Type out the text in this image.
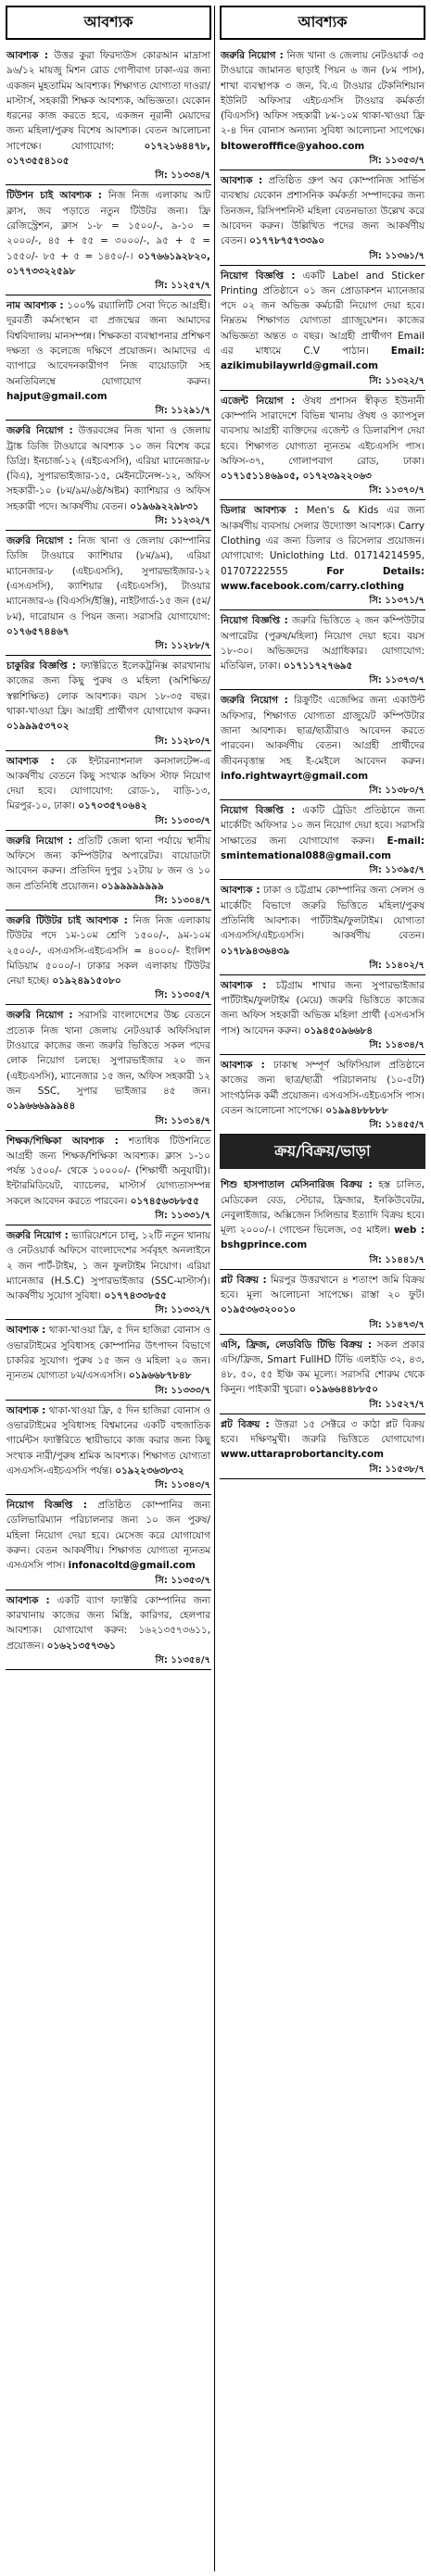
আবশ্যক
আবশ্যক : উত্তর কুরা ফিরদাউস কোরআন মাদ্রাসা ৯৬/১২ মায়জু মিশন রোড গোপীবাগ ঢাকা-এর জন্য একজন মুহতামিম আবশ্যক। শিক্ষাগত যোগ্যতা দাওরা/মাস্টার্স, সহকারী শিক্ষক আবশ্যক, অভিজ্ঞতা। যেকোন ধরনের কাজ করতে হবে, একজন নূরানী মেয়াদের জন্য মহিলা/পুরুষ বিশেষ আবশ্যক। বেতন আলোচনা সাপেক্ষে। যোগাযোগ:	০১৭২১৬৪৪৭৮, ০১৭৩৫৫৪১০৫
সি: ১১৩৩৪/৭
টিউশন চাই আবশ্যক : নিজ নিজ এলাকায় আট ক্লাস, জব পড়াতে নতুন টিউটর জন্য। ফ্রি রেজিস্ট্রেশন, ক্লাস ১-৮ = ১৫০০/-, ৯-১০ = ২০০০/-, ৪৫ + ৫৫ = ৩০০০/-, ৯৫ + ৫ = ১৫৫০/- ৮৫ + ৫ = ১৪৫০/-। ০১৭৬৬১৯২৮২০, ০১৭৭৩৩২২৫৯৮
সি: ১১২৫৭/৭
নাম আবশ্যক : ১০০% রয়্যালিটি সেবা দিতে আগ্রহী। দূরবর্তী কর্মসংস্থান বা প্রজন্মের জন্য আমাদের বিশ্ববিদ্যালয় মানসম্পন্ন। শিক্ষকতা ব্যবস্থাপনার প্রশিক্ষণ দক্ষতা ও কলেজে দক্ষিণে প্রয়োজন। আমাদের এ ব্যাপারে আবেদনকারীগণ নিজ বায়োডাটা সহ অনতিবিলম্বে যোগাযোগ করুন। hajput@gmail.com
সি: ১১২৯১/৭
জরুরি নিয়োগ : উত্তরবঙ্গের নিজ খানা ও জেলায় ট্রাঙ্ক ডিজি টাওয়ারে আবশ্যক ১০ জন বিশেষ করে ডিগ্রি। ইনচার্জ-১২ (এইচএসসি), এরিয়া ম্যানেজার-৮ (বিএ), সুপারভাইজার-১৫, মেইনটেনেন্স-১২, অফিস সহকারী-১০ (৮ম/৯ম/৬ষ্ঠ/অষ্টম) ক্যাশিয়ার ও অফিস সহকারী পদে। আকর্ষণীয় বেতন। ০১৯৬৯২২৯৮৩১
সি: ১১২৩২/৭
জরুরি নিয়োগ : নিজ খানা ও জেলায় কোম্পানির ডিজি টাওয়ারে ক্যাশিয়ার (৮ম/৯ম), এরিয়া ম্যানেজার-৮ (এইচএসসি), সুপারভাইজার-১২ (এসএসসি), ক্যাশিয়ার (এইচএসসি), টাওয়ার ম্যানেজার-৬ (বিএসসি/ইঞ্জি), নাইটগার্ড-১৫ জন (৫ম/৮ম), দারোয়ান ও পিয়ন জন্য। সরাসরি যোগাযোগ: ০১৭৬৫৭৪৪৬৭
সি: ১১২৮৮/৭
চাকুরির বিজ্ঞপ্তি : ফ্যাক্টরিতে ইলেকট্রনিক্স কারখানায় কাজের জন্য কিছু পুরুষ ও মহিলা (অশিক্ষিত/স্বল্পশিক্ষিত) লোক আবশ্যক। বয়স ১৮-৩৫ বছর। থাকা-খাওয়া ফ্রি। আগ্রহী প্রার্থীগণ যোগাযোগ করুন। ০১৯৯৯৫৩৭০২
সি: ১১২৮০/৭
আবশ্যক : কে ইন্টারন্যাশনাল কনসালটেন্স-এ আকর্ষণীয় বেতনে কিছু সংখ্যক অফিস স্টাফ নিয়োগ দেয়া হবে। যোগাযোগ: রোড-১, বাড়ি-১৩, মিরপুর-১০, ঢাকা। ০১৭০৩৫৭০৬৪২
সি: ১১৩০৩/৭
জরুরি নিয়োগ : প্রতিটি জেলা থানা পর্যায়ে স্থানীয় অফিসে জন্য কম্পিউটার অপারেটর। বায়োডাটা আবেদন করুন। প্রতিদিন দুপুর ১২টায় ৮ জন ও ১০ জন প্রতিনিধি প্রয়োজন। ০১৯৯৯৯৯৯৯৯
সি: ১১৩০৪/৭
জরুরি টিউটর চাই আবশ্যক : নিজ নিজ এলাকায় টিউটর পদে ১ম-১০ম শ্রেণি ১৫০০/-, ৯ম-১০ম ২৫০০/-, এসএসসি-এইচএসসি = ৪০০০/- ইংলিশ মিডিয়াম ৫০০০/-। ঢাকার সকল এলাকায় টিউটর নেয়া হচ্ছে। ০১৯২৪৯১৫০৮০
সি: ১১৩০৫/৭
জরুরি নিয়োগ : সরাসরি বাংলাদেশের উচ্চ বেতনে প্রত্যেক নিজ খানা জেলায় নেটওয়ার্ক অফিসিয়াল টাওয়ারে কাজের জন্য জরুরি ভিত্তিতে সকল পদের লোক নিয়োগ চলছে। সুপারভাইজার ২০ জন (এইচএসসি), ম্যানেজার ১৫ জন, অফিস সহকারী ১২ জন SSC, সুপার ভাইজার ৪৫ জন। ০১৯৬৬৬৯৯৯৪৪
সি: ১১৩১৪/৭
শিক্ষক/শিক্ষিকা আবশ্যক : শতাধিক টিউশনিতে আগ্রহী জন্য শিক্ষক/শিক্ষিকা আবশ্যক। ক্লাস ১-১০ পর্যন্ত ১৫০০/- থেকে ১০০০০/- (শিক্ষার্থী অনুযায়ী)। ইন্টারমিডিয়েট, ব্যাচেলর, মাস্টার্স যোগ্যতাসম্পন্ন সকলে আবেদন করতে পারবেন। ০১৭৪৫৬৩৮৮৫৫
সি: ১১৩৩১/৭
জরুরি নিয়োগ : ভ্যারিয়েশনে চালু, ১২টি নতুন খানায় ও নেটওয়ার্ক অফিসে বাংলাদেশের সর্ববৃহৎ অনলাইনে ২ জন পার্ট-টাইম, ১ জন ফুলটাইম নিয়োগ। এরিয়া ম্যানেজার (H.S.C) সুপারভাইজার (SSC-মাস্টার্স)। আকর্ষণীয় সুযোগ সুবিধা। ০১৭৭৪৩৩৮৫৫
সি: ১১৩৩২/৭
আবশ্যক : থাকা-খাওয়া ফ্রি, ৫ দিন হাজিরা বোনাস ও ওভারটাইমের সুবিধাসহ কোম্পানির উৎপাদন বিভাগে চাকরির সুযোগ। পুরুষ ১৫ জন ও মহিলা ২০ জন। ন্যূনতম যোগ্যতা ৮ম/এসএসসি। ০১৯৬৬৮৭৮৪৮
সি: ১১৩৩৩/৭
আবশ্যক : থাকা-খাওয়া ফ্রি, ৫ দিন হাজিরা বোনাস ও ওভারটাইমের সুবিধাসহ বিশ্বমানের একটি বহুজাতিক গার্মেন্টস ফ্যাক্টরিতে স্থায়ীভাবে কাজ করার জন্য কিছু সংখ্যক নারী/পুরুষ শ্রমিক আবশ্যক। শিক্ষাগত যোগ্যতা এসএসসি-এইচএসসি পর্যন্ত। ০১৯২২৩৬৩৮৩২
সি: ১১৩৪৩/৭
নিয়োগ বিজ্ঞপ্তি : প্রতিষ্ঠিত কোম্পানির জন্য ডেলিভারিম্যান পরিচালনার জন্য ১০ জন পুরুষ/মহিলা নিয়োগ দেয়া হবে। মেসেজ করে যোগাযোগ করুন। বেতন আকর্ষণীয়। শিক্ষাগত যোগ্যতা ন্যূনতম এসএসসি পাস। infonacoltd@gmail.com
সি: ১১৩৫৩/৭
আবশ্যক : একটি ব্যাগ ফ্যাক্টরি কোম্পানির জন্য কারখানায় কাজের জন্য মিস্ত্রি, কারিগর, হেলপার আবশ্যক। যোগাযোগ করুন: ১৬২১৩৫৭৩৬১১, প্রয়োজন। ০১৬২১৩৫৭৩৬১
সি: ১১৩৫৪/৭
আবশ্যক
জরুরি নিয়োগ : নিজ খানা ও জেলায় নেটওয়ার্ক ৩৫ টাওয়ারে জামানত ছাড়াই পিয়ন ৬ জন (৮ম পাস), শাখা ব্যবস্থাপক ৩ জন, বি.এ টাওয়ার টেকনিশিয়ান ইউনিট অফিসার এইচএসসি টাওয়ার কর্মকর্তা (বিএসসি) অফিস সহকারী ৮ম-১০ম থাকা-খাওয়া ফ্রি ২-৪ দিন বোনাস অন্যান্য সুবিধা আলোচনা সাপেক্ষে। bltowerofffice@yahoo.com
সি: ১১৩৫৩/৭
আবশ্যক : প্রতিষ্ঠিত গ্রুপ অব কোম্পানিজ সার্ভিস ব্যবস্থায় যেকোন প্রশাসনিক কর্মকর্তা সম্পাদকের জন্য তিনজন, রিসিপশনিস্ট মহিলা বেতনভাতা উল্লেখ করে আবেদন করুন। উল্লিখিত পদের জন্য আকর্ষণীয় বেতন। ০১৭৭৮৭৫৭৩৩৯০
সি: ১১৩৬১/৭
নিয়োগ বিজ্ঞপ্তি : একটি Label and Sticker Printing প্রতিষ্ঠানে ০১ জন প্রোডাকশন ম্যানেজার পদে ০২ জন অভিজ্ঞ কর্মচারী নিয়োগ দেয়া হবে। নিম্নতম শিক্ষাগত যোগ্যতা গ্র্যাজুয়েশন। কাজের অভিজ্ঞতা অন্তত ৩ বছর। আগ্রহী প্রার্থীগণ Email এর মাধ্যমে C.V পাঠান। Email: azikimubilaywrld@gmail.com
সি: ১১৩২২/৭
এজেন্ট নিয়োগ : ঔষধ প্রশাসন স্বীকৃত ইউনানী কোম্পানি সারাদেশে বিভিন্ন খানায় ঔষধ ও ক্যাপসুল ব্যবসায় আগ্রহী ব্যক্তিদের এজেন্ট ও ডিলারশিপ দেয়া হবে। শিক্ষাগত যোগ্যতা ন্যূনতম এইচএসসি পাস। অফিস-৩৭, গোলাপবাগ রোড, ঢাকা। ০১৭১৫১১৪৬৯০৫, ০১৭২৩৯২২০৬৩
সি: ১১৩৭০/৭
ডিলার আবশ্যক : Men's & Kids এর জন্য আকর্ষণীয় ব্যবসায় সেলার উদ্যোক্তা আবশ্যক। Carry Clothing এর জন্য ডিলার ও রিসেলার প্রয়োজন। যোগাযোগ: Uniclothing Ltd. 01714214595, 01707222555	For Details: www.facebook.com/carry.clothing
সি: ১১৩৭১/৭
নিয়োগ বিজ্ঞপ্তি : জরুরি ভিত্তিতে ২ জন কম্পিউটার অপারেটর (পুরুষ/মহিলা) নিয়োগ দেয়া হবে। বয়স ১৮-৩০। অভিজ্ঞদের অগ্রাধিকার। যোগাযোগ: মতিঝিল, ঢাকা। ০১৭১১৭২৭৬৯৫
সি: ১১৩৭৩/৭
জরুরি নিয়োগ : রিক্রুটিং এজেন্সির জন্য একাউন্ট অফিসার, শিক্ষাগত যোগ্যতা গ্রাজুয়েট কম্পিউটার জানা আবশ্যক। ছাত্র/ছাত্রীরাও আবেদন করতে পারবেন। আকর্ষণীয় বেতন। আগ্রহী প্রার্থীদের জীবনবৃত্তান্ত সহ ই-মেইলে আবেদন করুন। info.rightwayrt@gmail.com
সি: ১১৩৮০/৭
নিয়োগ বিজ্ঞপ্তি : একটি ট্রেডিং প্রতিষ্ঠানে জন্য মার্কেটিং অফিসার ১০ জন নিয়োগ দেয়া হবে। সরাসরি সাক্ষাতের জন্য যোগাযোগ করুন। E-mail: smintemational088@gmail.com
সি: ১১৩৯৫/৭
আবশ্যক : ঢাকা ও চট্টগ্রাম কোম্পানির জন্য সেলস ও মার্কেটিং বিভাগে জরুরি ভিত্তিতে মহিলা/পুরুষ প্রতিনিধি আবশ্যক। পার্টটাইম/ফুলটাইম। যোগ্যতা এসএসসি/এইচএসসি। আকর্ষণীয় বেতন। ০১৭৮৯৪৩৬৪৩৯
সি: ১১৪০২/৭
আবশ্যক : চট্টগ্রাম শাখার জন্য সুপারভাইজার পার্টটাইম/ফুলটাইম (মেয়ে) জরুরি ভিত্তিতে কাজের জন্য অফিস সহকারী অভিজ্ঞ মহিলা প্রার্থী (এসএসসি পাস) আবেদন করুন। ০১৯৪৫০৯৬৬৮৪
সি: ১১৪৩৪/৭
আবশ্যক : ঢাকাস্থ সম্পূর্ণ অফিসিয়াল প্রতিষ্ঠানে কাজের জন্য ছাত্র/ছাত্রী পরিচালনায় (১০-৫টা) সাংগঠনিক কর্মী প্রয়োজন। এসএসসি-এইচএসসি পাস। বেতন আলোচনা সাপেক্ষে। ০১৯৯৪৮৮৮৮৮
সি: ১১৪৫৫/৭
ক্রয়/বিক্রয়/ভাড়া
শিশু হাসপাতাল মেসিনারিজ বিক্রয় : হস্ত চালিত, মেডিকেল বেড, স্টেচার, ফ্রিজার, ইনকিউবেটর, নেবুলাইজার, অক্সিজেন সিলিন্ডার ইত্যাদি বিক্রয় হবে। মূল্য ২০০০/-। গোল্ডেন ভিলেজ, ৩৫ মাইল। web : bshgprince.com
সি: ১১৪৪১/৭
প্লট বিক্রয় : মিরপুর উত্তরখানে ৪ শতাংশ জমি বিক্রয় হবে। মূল্য আলোচনা সাপেক্ষে। রাস্তা ২০ ফুট। ০১৯৫৩৬৩২০০১০
সি: ১১৪৭৩/৭
এসি, ফ্রিজ, লেডবিডি টিভি বিক্রয় : সকল প্রকার এসি/ফ্রিজ, Smart FullHD টিভি এলইডি ৩২, ৪৩, ৪৮, ৫০, ৫৫ ইঞ্চি কম মূল্যে। সরাসরি শোরুম থেকে কিনুন। পাইকারী খুচরা। ০১৯৬৬৪৪৮৮৫০
সি: ১১৫২৭/৭
প্লট বিক্রয় : উত্তরা ১৫ সেক্টরে ৩ কাঠা প্লট বিক্রয় হবে। দক্ষিণমুখী। জরুরি ভিত্তিতে যোগাযোগ। www.uttaraprobortancity.com
সি: ১১৫৩৮/৭
